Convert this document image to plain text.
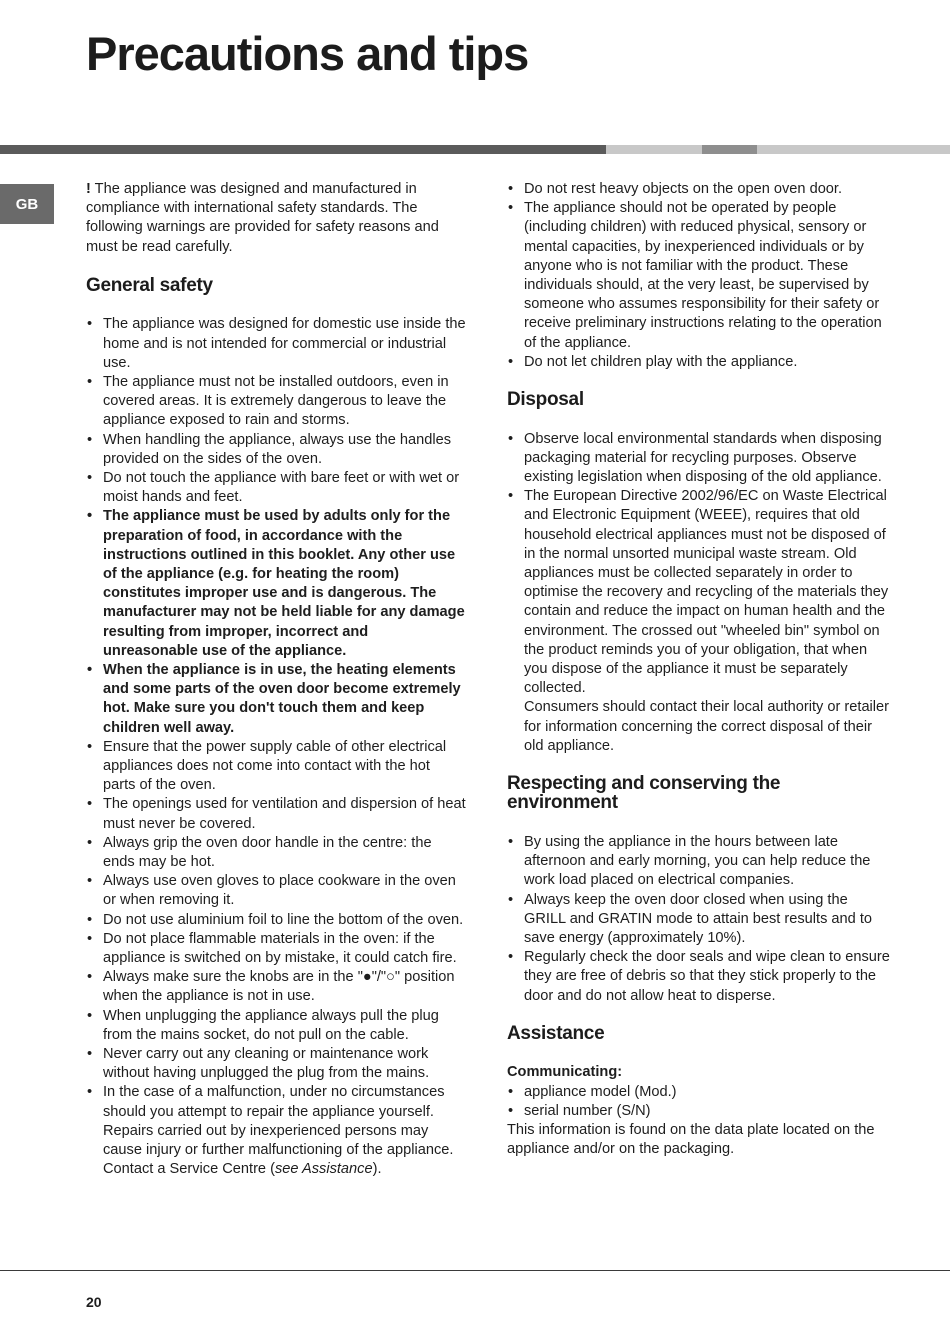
Precautions and tips
GB

! The appliance was designed and manufactured in compliance with international safety standards. The following warnings are provided for safety reasons and must be read carefully.

General safety
• The appliance was designed for domestic use inside the home and is not intended for commercial or industrial use.
• The appliance must not be installed outdoors, even in covered areas. It is extremely dangerous to leave the appliance exposed to rain and storms.
• When handling the appliance, always use the handles provided on the sides of the oven.
• Do not touch the appliance with bare feet or with wet or moist hands and feet.
• The appliance must be used by adults only for the preparation of food, in accordance with the instructions outlined in this booklet. Any other use of the appliance (e.g. for heating the room) constitutes improper use and is dangerous. The manufacturer may not be held liable for any damage resulting from improper, incorrect and unreasonable use of the appliance.
• When the appliance is in use, the heating elements and some parts of the oven door become extremely hot. Make sure you don't touch them and keep children well away.
• Ensure that the power supply cable of other electrical appliances does not come into contact with the hot parts of the oven.
• The openings used for ventilation and dispersion of heat must never be covered.
• Always grip the oven door handle in the centre: the ends may be hot.
• Always use oven gloves to place cookware in the oven or when removing it.
• Do not use aluminium foil to line the bottom of the oven.
• Do not place flammable materials in the oven: if the appliance is switched on by mistake, it could catch fire.
• Always make sure the knobs are in the "●"/"○" position when the appliance is not in use.
• When unplugging the appliance always pull the plug from the mains socket, do not pull on the cable.
• Never carry out any cleaning or maintenance work without having unplugged the plug from the mains.
• In the case of a malfunction, under no circumstances should you attempt to repair the appliance yourself. Repairs carried out by inexperienced persons may cause injury or further malfunctioning of the appliance. Contact a Service Centre (see Assistance).
• Do not rest heavy objects on the open oven door.
• The appliance should not be operated by people (including children) with reduced physical, sensory or mental capacities, by inexperienced individuals or by anyone who is not familiar with the product. These individuals should, at the very least, be supervised by someone who assumes responsibility for their safety or receive preliminary instructions relating to the operation of the appliance.
• Do not let children play with the appliance.
Disposal
• Observe local environmental standards when disposing packaging material for recycling purposes. Observe existing legislation when disposing of the old appliance.
• The European Directive 2002/96/EC on Waste Electrical and Electronic Equipment (WEEE), requires that old household electrical appliances must not be disposed of in the normal unsorted municipal waste stream. Old appliances must be collected separately in order to optimise the recovery and recycling of the materials they contain and reduce the impact on human health and the environment. The crossed out "wheeled bin" symbol on the product reminds you of your obligation, that when you dispose of the appliance it must be separately collected.

Consumers should contact their local authority or retailer for information concerning the correct disposal of their old appliance.

Respecting and conserving the environment
• By using the appliance in the hours between late afternoon and early morning, you can help reduce the work load placed on electrical companies.
• Always keep the oven door closed when using the GRILL and GRATIN mode to attain best results and to save energy (approximately 10%).
• Regularly check the door seals and wipe clean to ensure they are free of debris so that they stick properly to the door and do not allow heat to disperse.
Assistance

Communicating:

• appliance model (Mod.)
• serial number (S/N)

This information is found on the data plate located on the appliance and/or on the packaging.

20
